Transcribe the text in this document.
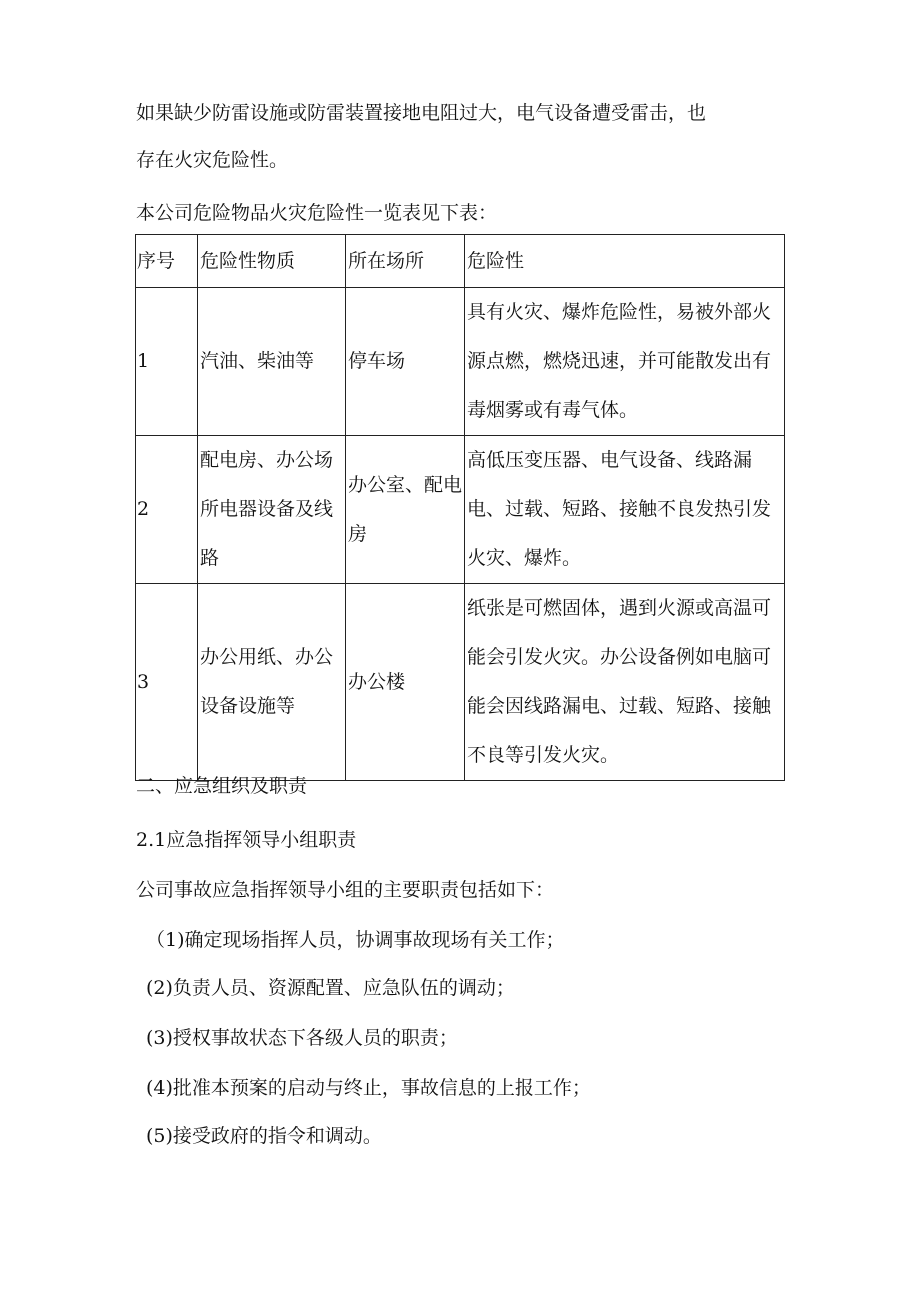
如果缺少防雷设施或防雷装置接地电阻过大，电气设备遭受雷击，也
存在火灾危险性。
本公司危险物品火灾危险性一览表见下表：
序号	危险性物质	所在场所	危险性
1	汽油、柴油等	停车场	具有火灾、爆炸危险性，易被外部火源点燃，燃烧迅速，并可能散发出有毒烟雾或有毒气体。
2	配电房、办公场所电器设备及线路	办公室、配电房	高低压变压器、电气设备、线路漏电、过载、短路、接触不良发热引发火灾、爆炸。
3	办公用纸、办公设备设施等	办公楼	纸张是可燃固体，遇到火源或高温可能会引发火灾。办公设备例如电脑可能会因线路漏电、过载、短路、接触不良等引发火灾。
二、应急组织及职责
2.1应急指挥领导小组职责
公司事故应急指挥领导小组的主要职责包括如下：
（1)确定现场指挥人员，协调事故现场有关工作；
(2)负责人员、资源配置、应急队伍的调动；
(3)授权事故状态下各级人员的职责；
(4)批准本预案的启动与终止，事故信息的上报工作；
(5)接受政府的指令和调动。
